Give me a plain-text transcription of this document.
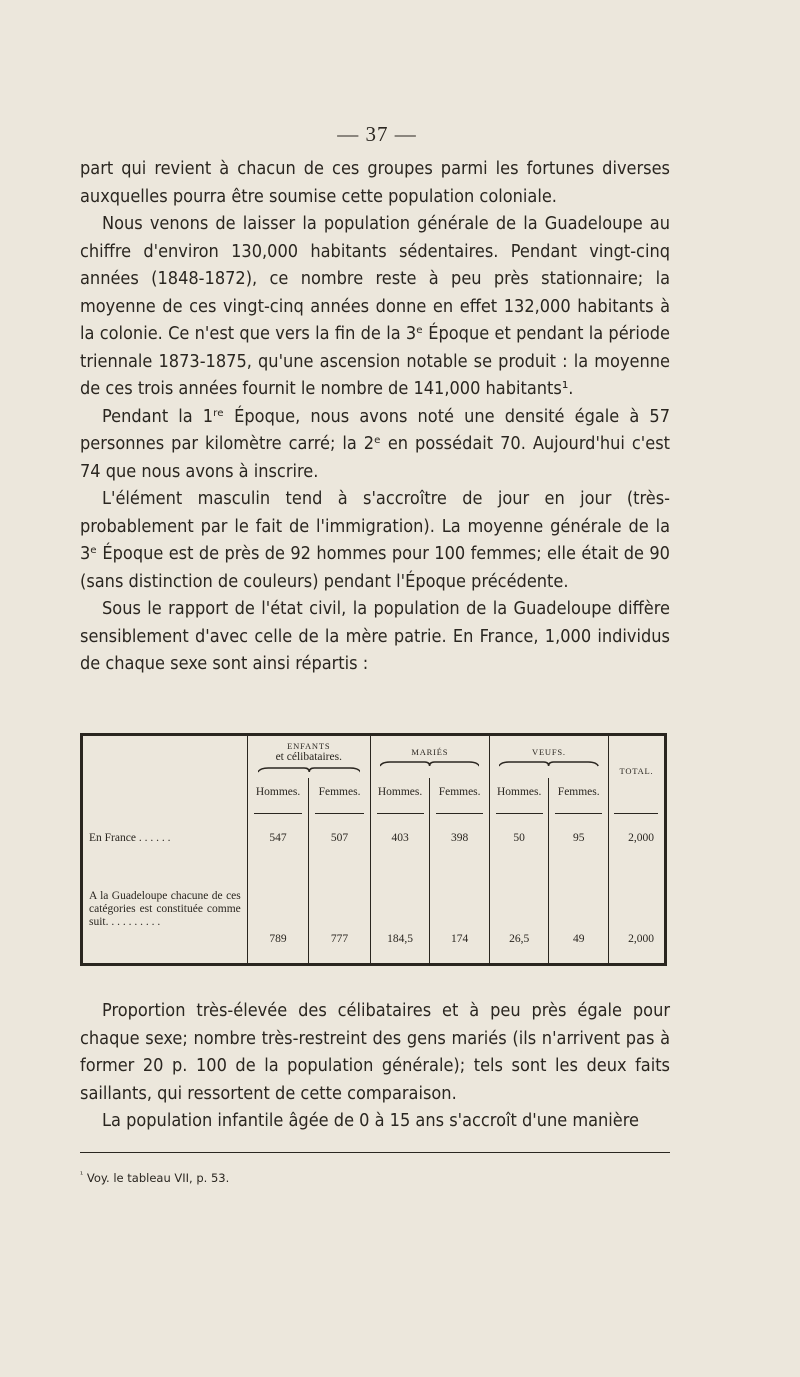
— 37 —

part qui revient à chacun de ces groupes parmi les fortunes diverses auxquelles pourra être soumise cette population coloniale.

Nous venons de laisser la population générale de la Guadeloupe au chiffre d'environ 130,000 habitants sédentaires. Pendant vingt-cinq années (1848-1872), ce nombre reste à peu près stationnaire; la moyenne de ces vingt-cinq années donne en effet 132,000 habitants à la colonie. Ce n'est que vers la fin de la 3ᵉ Époque et pendant la période triennale 1873-1875, qu'une ascension notable se produit : la moyenne de ces trois années fournit le nombre de 141,000 habitants¹.

Pendant la 1ʳᵉ Époque, nous avons noté une densité égale à 57 personnes par kilomètre carré; la 2ᵉ en possédait 70. Aujourd'hui c'est 74 que nous avons à inscrire.

L'élément masculin tend à s'accroître de jour en jour (très-probablement par le fait de l'immigration). La moyenne générale de la 3ᵉ Époque est de près de 92 hommes pour 100 femmes; elle était de 90 (sans distinction de couleurs) pendant l'Époque précédente.

Sous le rapport de l'état civil, la population de la Guadeloupe diffère sensiblement d'avec celle de la mère patrie. En France, 1,000 individus de chaque sexe sont ainsi répartis :

	ENFANTS
et célibataires.		MARIÉS		VEUFS.		TOTAL.
	Hommes.	Femmes.	Hommes.	Femmes.	Hommes.	Femmes.	

En France . . . . . .	547	507	403	398	50	95	2,000
A la Guadeloupe chacune de ces catégories est constituée comme suit. . . . . . . . . .	789	777	184,5	174	26,5	49	2,000

Proportion très-élevée des célibataires et à peu près égale pour chaque sexe; nombre très-restreint des gens mariés (ils n'arrivent pas à former 20 p. 100 de la population générale); tels sont les deux faits saillants, qui ressortent de cette comparaison.

La population infantile âgée de 0 à 15 ans s'accroît d'une manière

$^{^1}$ Voy. le tableau VII, p. 53.
